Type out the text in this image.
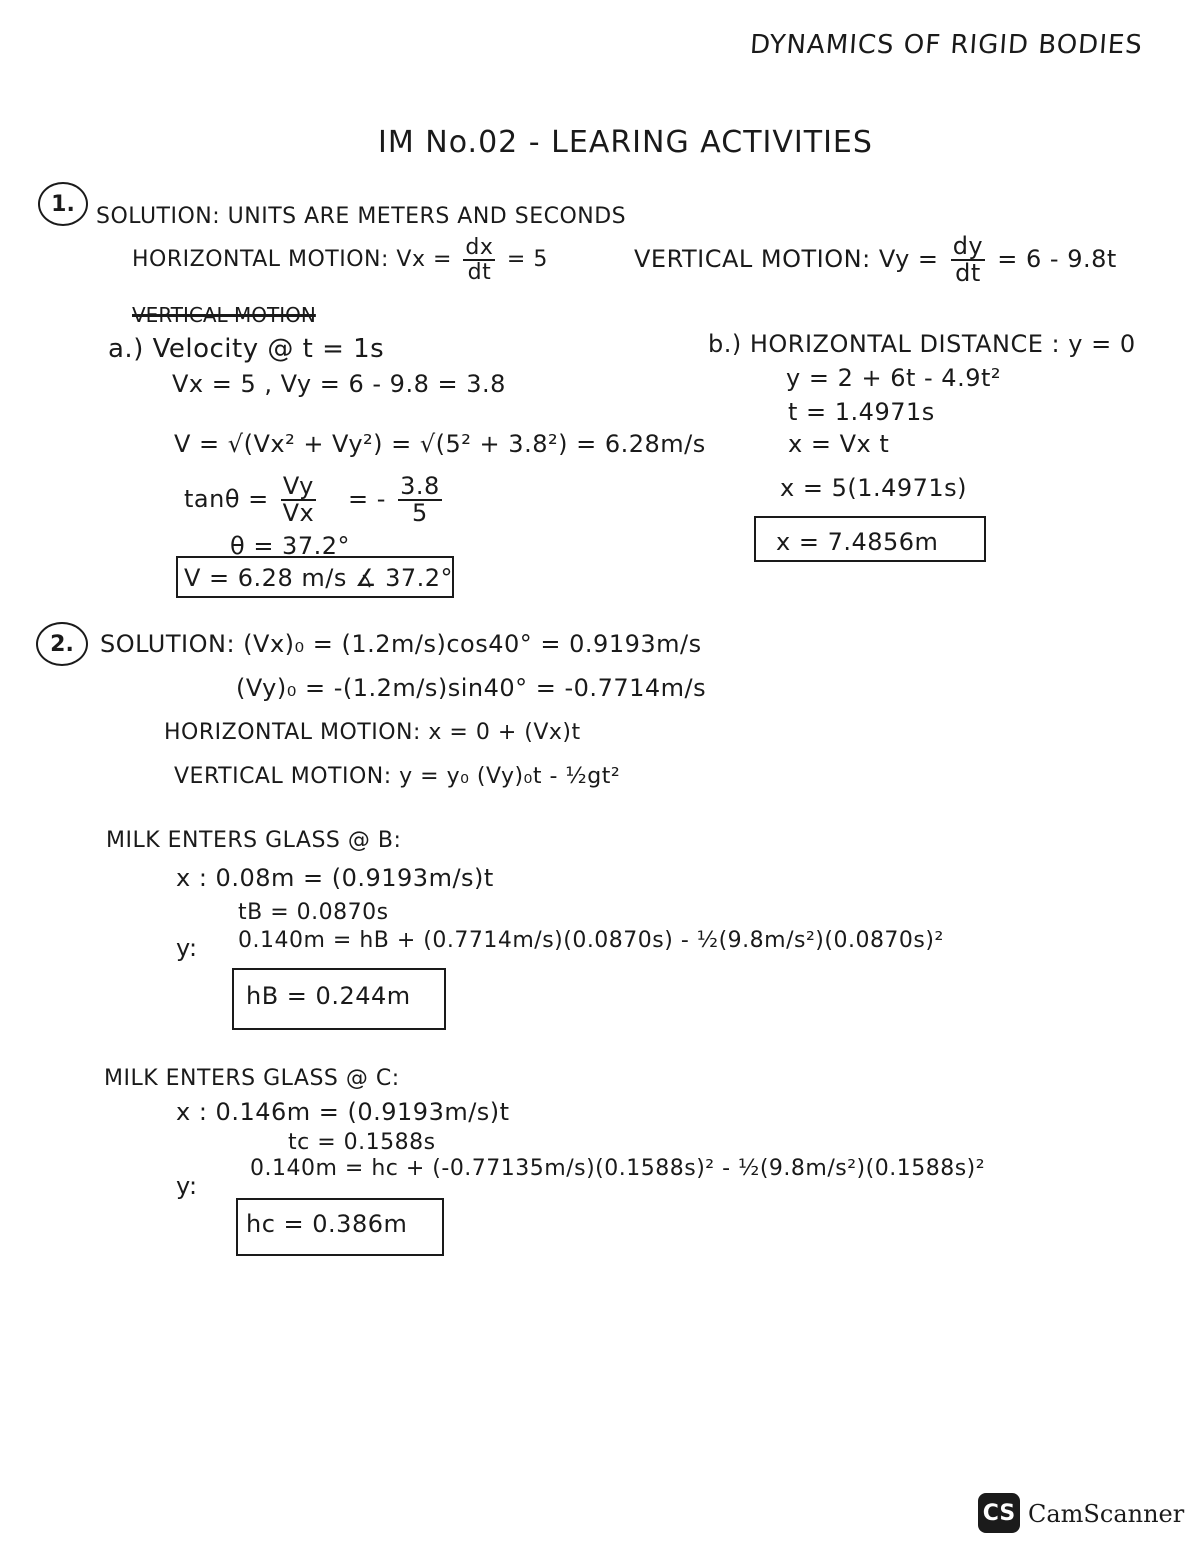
DYNAMICS OF RIGID BODIES
IM No.02 - LEARING ACTIVITIES
1. SOLUTION: UNITS ARE METERS AND SECONDS
HORIZONTAL MOTION: $Vx = \frac{dx}{dt} = 5$	VERTICAL MOTION: $Vy = \frac{dy}{dt} = 6 - 9.8t$
VERTICAL MOTION
a.) Velocity @ t = 1s
Vx = 5 , Vy = 6 - 9.8 = 3.8
V = √(Vx² + Vy²) = √(5² + 3.8²) = 6.28m/s
$\tan\theta = \frac{Vy}{Vx}$ = - $\frac{3.8}{5}$
θ = 37.2°
V = 6.28 m/s ∡ 37.2°
b.) HORIZONTAL DISTANCE : y = 0
y = 2 + 6t - 4.9t²
t = 1.4971s
x = Vx t
x = 5(1.4971s)
x = 7.4856m
2.	SOLUTION: (Vx)₀ = (1.2m/s)cos40° = 0.9193m/s
(Vy)₀ = -(1.2m/s)sin40° = -0.7714m/s
HORIZONTAL MOTION: x = 0 + (Vx)t
VERTICAL MOTION: y = y₀ (Vy)₀t - ½gt²
MILK ENTERS GLASS @ B:
x : 0.08m = (0.9193m/s)t
tB = 0.0870s
y: 0.140m = hB + (0.7714m/s)(0.0870s) - ½(9.8m/s²)(0.0870s)²
hB = 0.244m
MILK ENTERS GLASS @ C:
x : 0.146m = (0.9193m/s)t
tc = 0.1588s
y:
0.140m = hc + (-0.77135m/s)(0.1588s)² - ½(9.8m/s²)(0.1588s)²
hc = 0.386m
CS CamScanner
